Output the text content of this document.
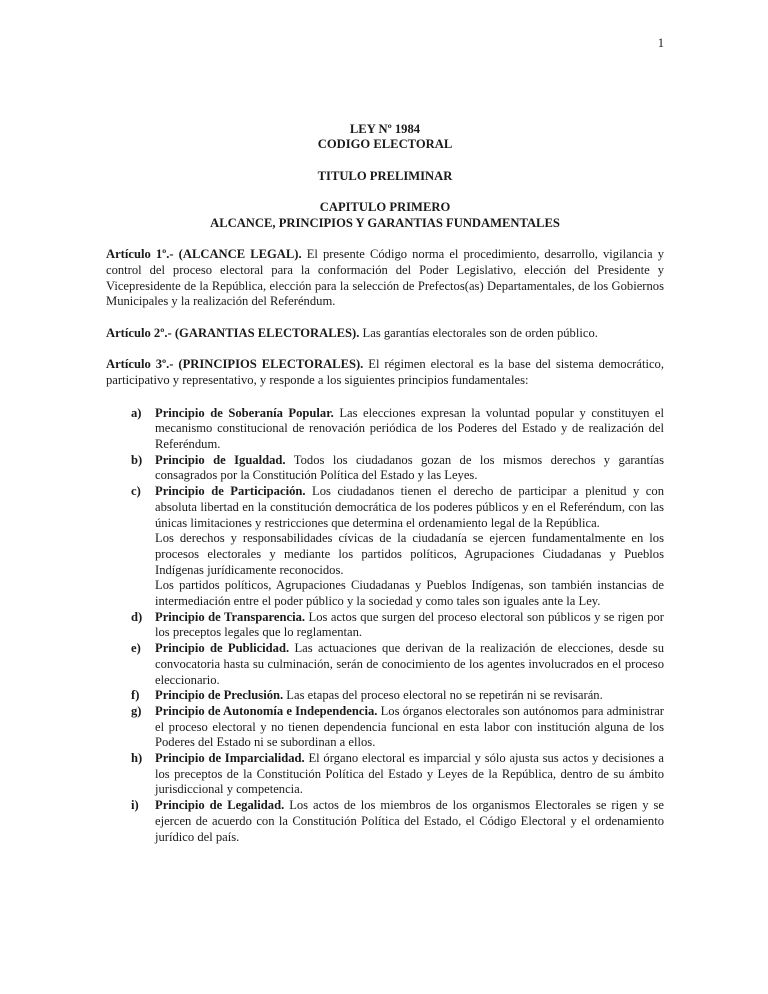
1

LEY Nº 1984

CODIGO ELECTORAL

TITULO PRELIMINAR

CAPITULO PRIMERO

ALCANCE, PRINCIPIOS Y GARANTIAS FUNDAMENTALES

Artículo 1º.- (ALCANCE LEGAL). El presente Código norma el procedimiento, desarrollo, vigilancia y control del proceso electoral para la conformación del Poder Legislativo, elección del Presidente y Vicepresidente de la República, elección para la selección de Prefectos(as) Departamentales, de los Gobiernos Municipales y la realización del Referéndum.

Artículo 2º.- (GARANTIAS ELECTORALES). Las garantías electorales son de orden público.

Artículo 3º.- (PRINCIPIOS ELECTORALES). El régimen electoral es la base del sistema democrático, participativo y representativo, y responde a los siguientes principios fundamentales:

a) Principio de Soberanía Popular. Las elecciones expresan la voluntad popular y constituyen el mecanismo constitucional de renovación periódica de los Poderes del Estado y de realización del Referéndum.
b) Principio de Igualdad. Todos los ciudadanos gozan de los mismos derechos y garantías consagrados por la Constitución Política del Estado y las Leyes.
c) Principio de Participación. Los ciudadanos tienen el derecho de participar a plenitud y con absoluta libertad en la constitución democrática de los poderes públicos y en el Referéndum, con las únicas limitaciones y restricciones que determina el ordenamiento legal de la República.

Los derechos y responsabilidades cívicas de la ciudadanía se ejercen fundamentalmente en los procesos electorales y mediante los partidos políticos, Agrupaciones Ciudadanas y Pueblos Indígenas jurídicamente reconocidos.

Los partidos políticos, Agrupaciones Ciudadanas y Pueblos Indígenas, son también instancias de intermediación entre el poder público y la sociedad y como tales son iguales ante la Ley.

d) Principio de Transparencia. Los actos que surgen del proceso electoral son públicos y se rigen por los preceptos legales que lo reglamentan.
e) Principio de Publicidad. Las actuaciones que derivan de la realización de elecciones, desde su convocatoria hasta su culminación, serán de conocimiento de los agentes involucrados en el proceso eleccionario.
f) Principio de Preclusión. Las etapas del proceso electoral no se repetirán ni se revisarán.
g) Principio de Autonomía e Independencia. Los órganos electorales son autónomos para administrar el proceso electoral y no tienen dependencia funcional en esta labor con institución alguna de los Poderes del Estado ni se subordinan a ellos.
h) Principio de Imparcialidad. El órgano electoral es imparcial y sólo ajusta sus actos y decisiones a los preceptos de la Constitución Política del Estado y Leyes de la República, dentro de su ámbito jurisdiccional y competencia.
i) Principio de Legalidad. Los actos de los miembros de los organismos Electorales se rigen y se ejercen de acuerdo con la Constitución Política del Estado, el Código Electoral y el ordenamiento jurídico del país.
